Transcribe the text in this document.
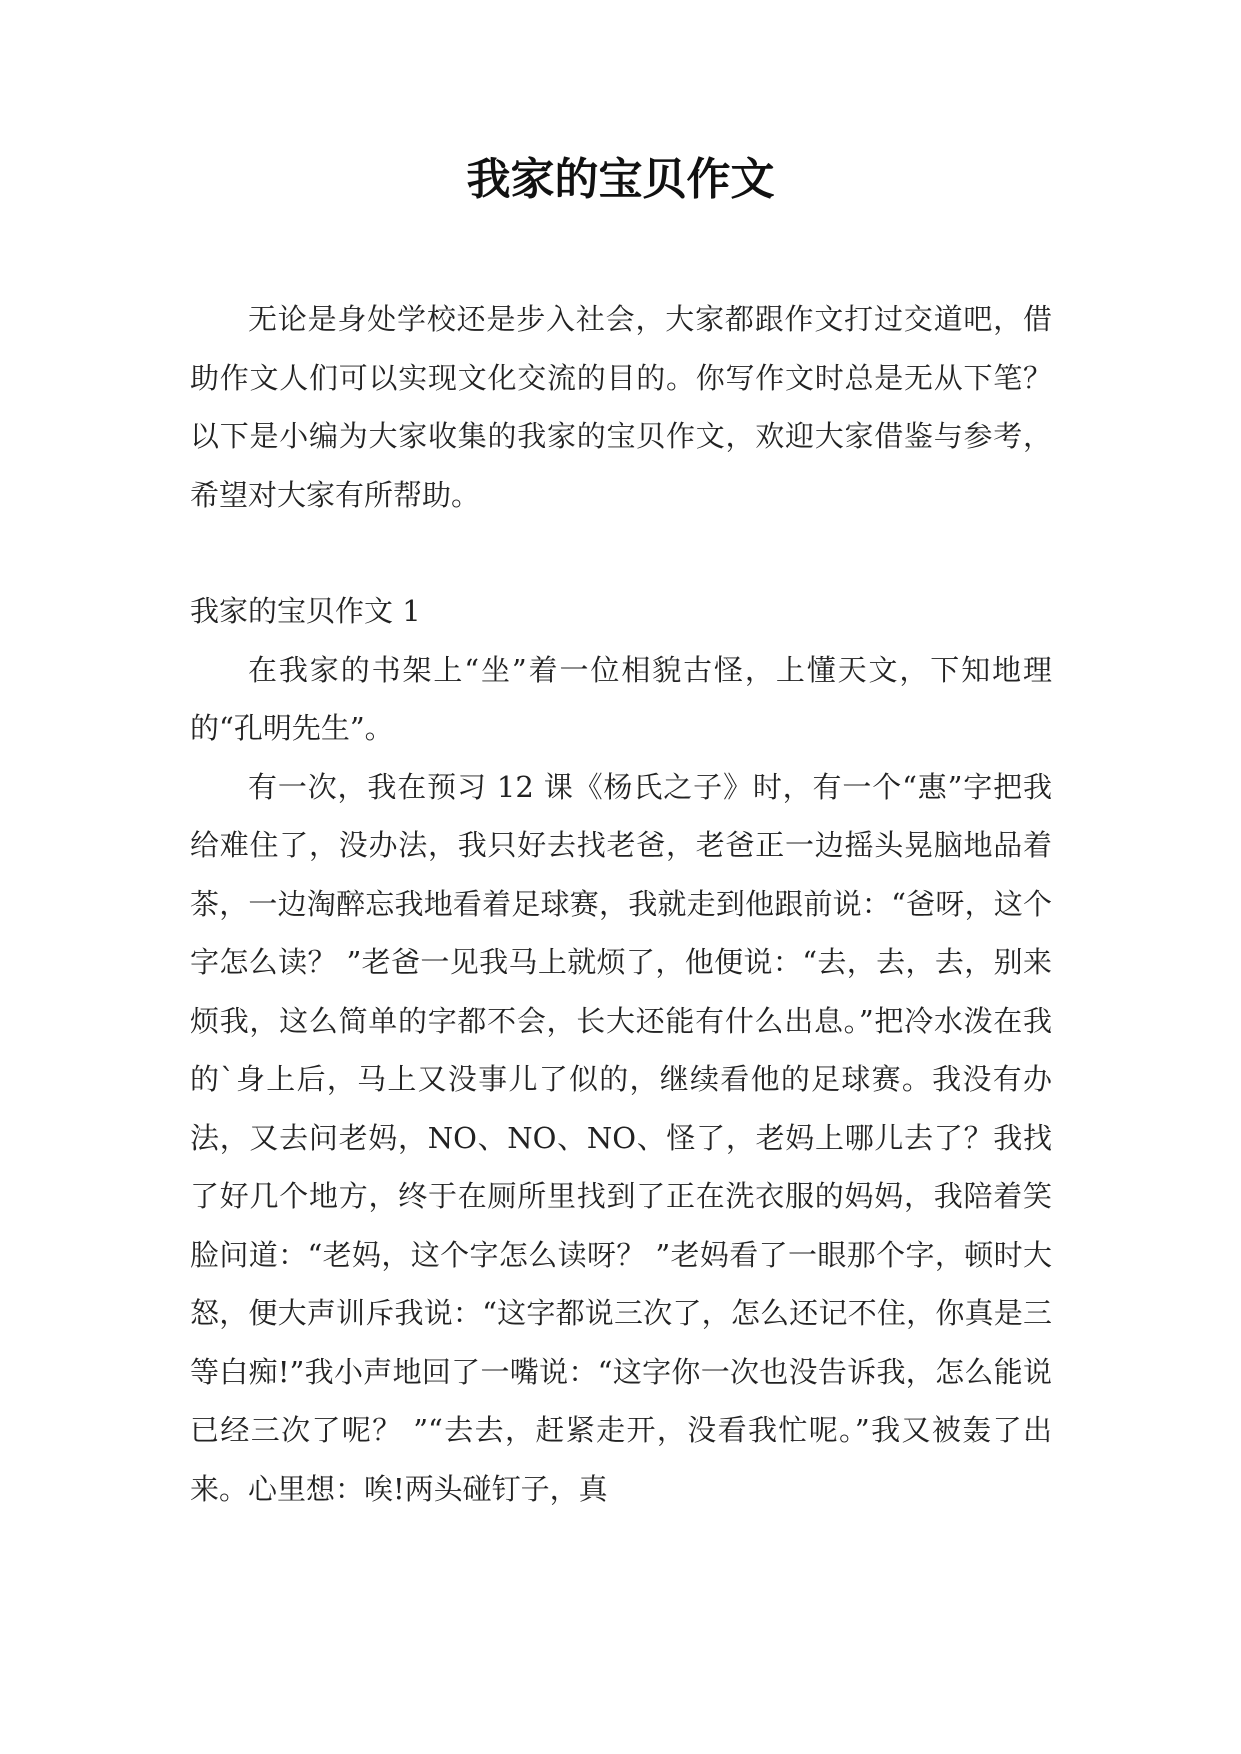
我家的宝贝作文

无论是身处学校还是步入社会，大家都跟作文打过交道吧，借助作文人们可以实现文化交流的目的。你写作文时总是无从下笔？以下是小编为大家收集的我家的宝贝作文，欢迎大家借鉴与参考，希望对大家有所帮助。

我家的宝贝作文 1

在我家的书架上“坐”着一位相貌古怪，上懂天文，下知地理的“孔明先生”。

有一次，我在预习 12 课《杨氏之子》时，有一个“惠”字把我给难住了，没办法，我只好去找老爸，老爸正一边摇头晃脑地品着茶，一边淘醉忘我地看着足球赛，我就走到他跟前说：“爸呀，这个字怎么读？ ”老爸一见我马上就烦了，他便说：“去，去，去，别来烦我，这么简单的字都不会，长大还能有什么出息。”把冷水泼在我的`身上后，马上又没事儿了似的，继续看他的足球赛。我没有办法，又去问老妈，NO、NO、NO、怪了，老妈上哪儿去了？我找了好几个地方，终于在厕所里找到了正在洗衣服的妈妈，我陪着笑脸问道：“老妈，这个字怎么读呀？ ”老妈看了一眼那个字，顿时大怒，便大声训斥我说：“这字都说三次了，怎么还记不住，你真是三等白痴!”我小声地回了一嘴说：“这字你一次也没告诉我，怎么能说已经三次了呢？ ”“去去，赶紧走开，没看我忙呢。”我又被轰了出来。心里想：唉!两头碰钉子，真
